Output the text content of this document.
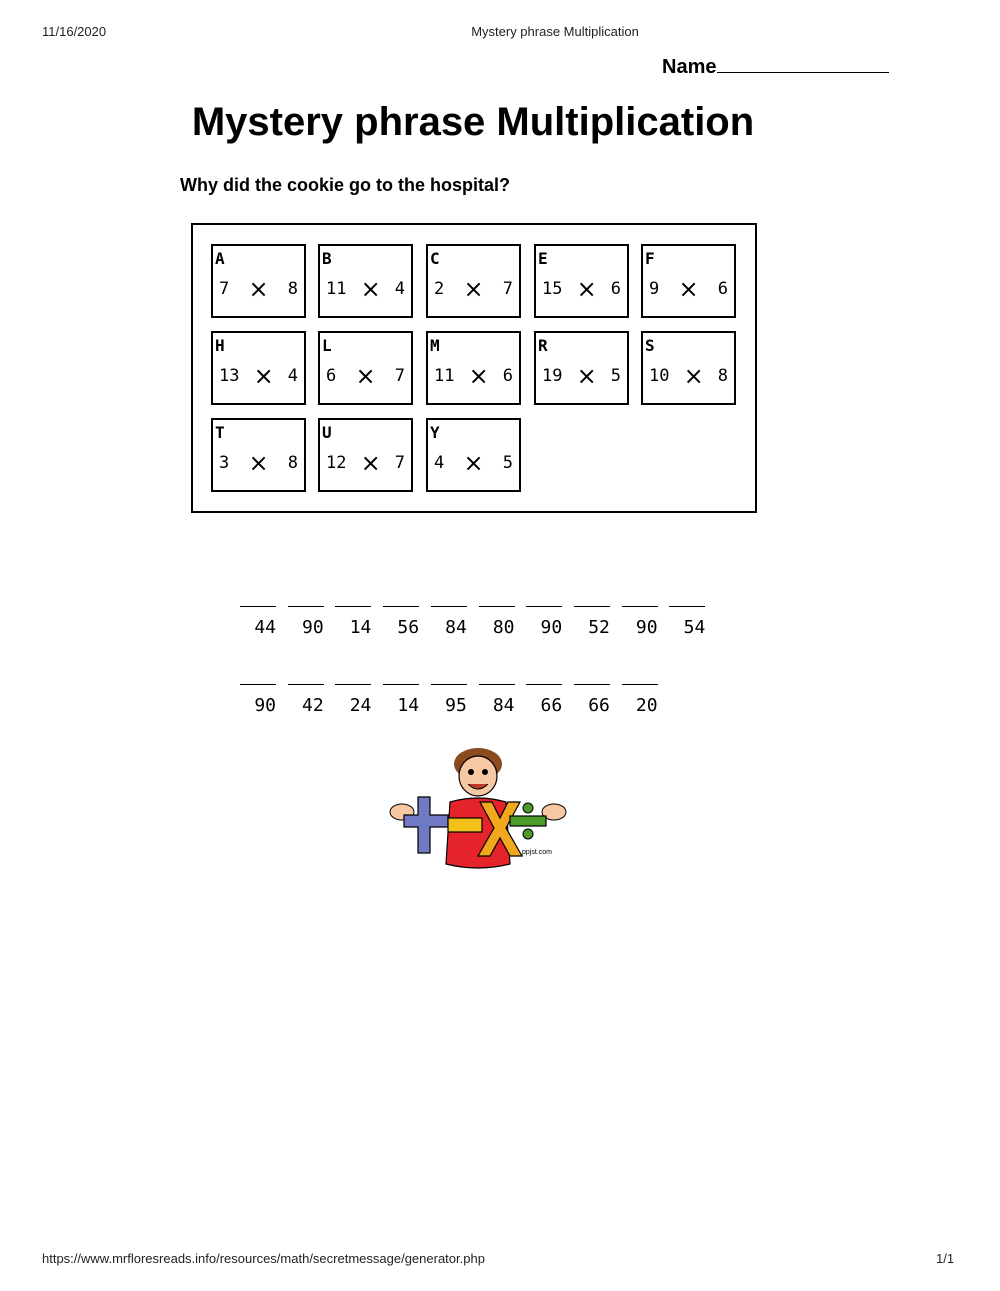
11/16/2020	Mystery phrase Multiplication
Name
Mystery phrase Multiplication
Why did the cookie go to the hospital?
A
7 × 8
B
11 × 4
C
2 × 7
E
15 × 6
F
9 × 6
H
13 × 4
L
6 × 7
M
11 × 6
R
19 × 5
S
10 × 8
T
3 × 8
U
12 × 7
Y
4 × 5
44	90	14	56	84	80	90	52	90	54
90	42	24	14	95	84	66	66	20
ppjst.com
https://www.mrfloresreads.info/resources/math/secretmessage/generator.php	1/1
